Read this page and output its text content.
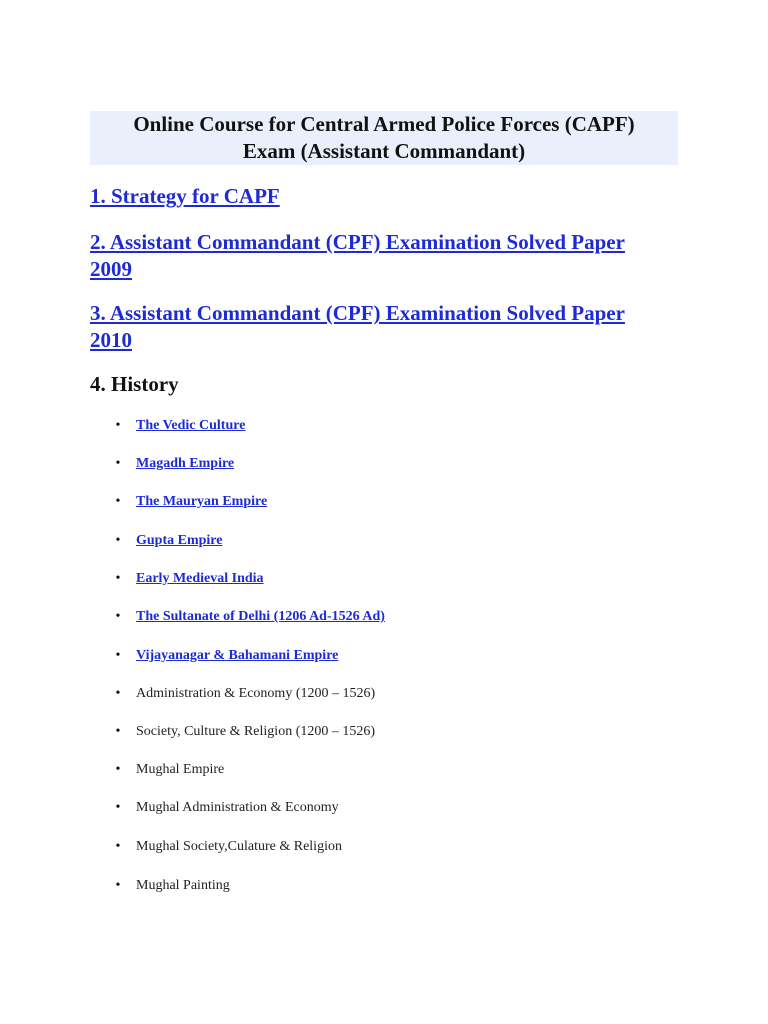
Online Course for Central Armed Police Forces (CAPF)
Exam (Assistant Commandant)
1. Strategy for CAPF
2. Assistant Commandant (CPF) Examination Solved Paper
2009
3. Assistant Commandant (CPF) Examination Solved Paper
2010
4. History
•	The Vedic Culture
•	Magadh Empire
•	The Mauryan Empire
•	Gupta Empire
•	Early Medieval India
•	The Sultanate of Delhi (1206 Ad-1526 Ad)
•	Vijayanagar & Bahamani Empire
•	Administration & Economy (1200 – 1526)
•	Society, Culture & Religion (1200 – 1526)
•	Mughal Empire
•	Mughal Administration & Economy
•	Mughal Society,Culature & Religion
•	Mughal Painting
